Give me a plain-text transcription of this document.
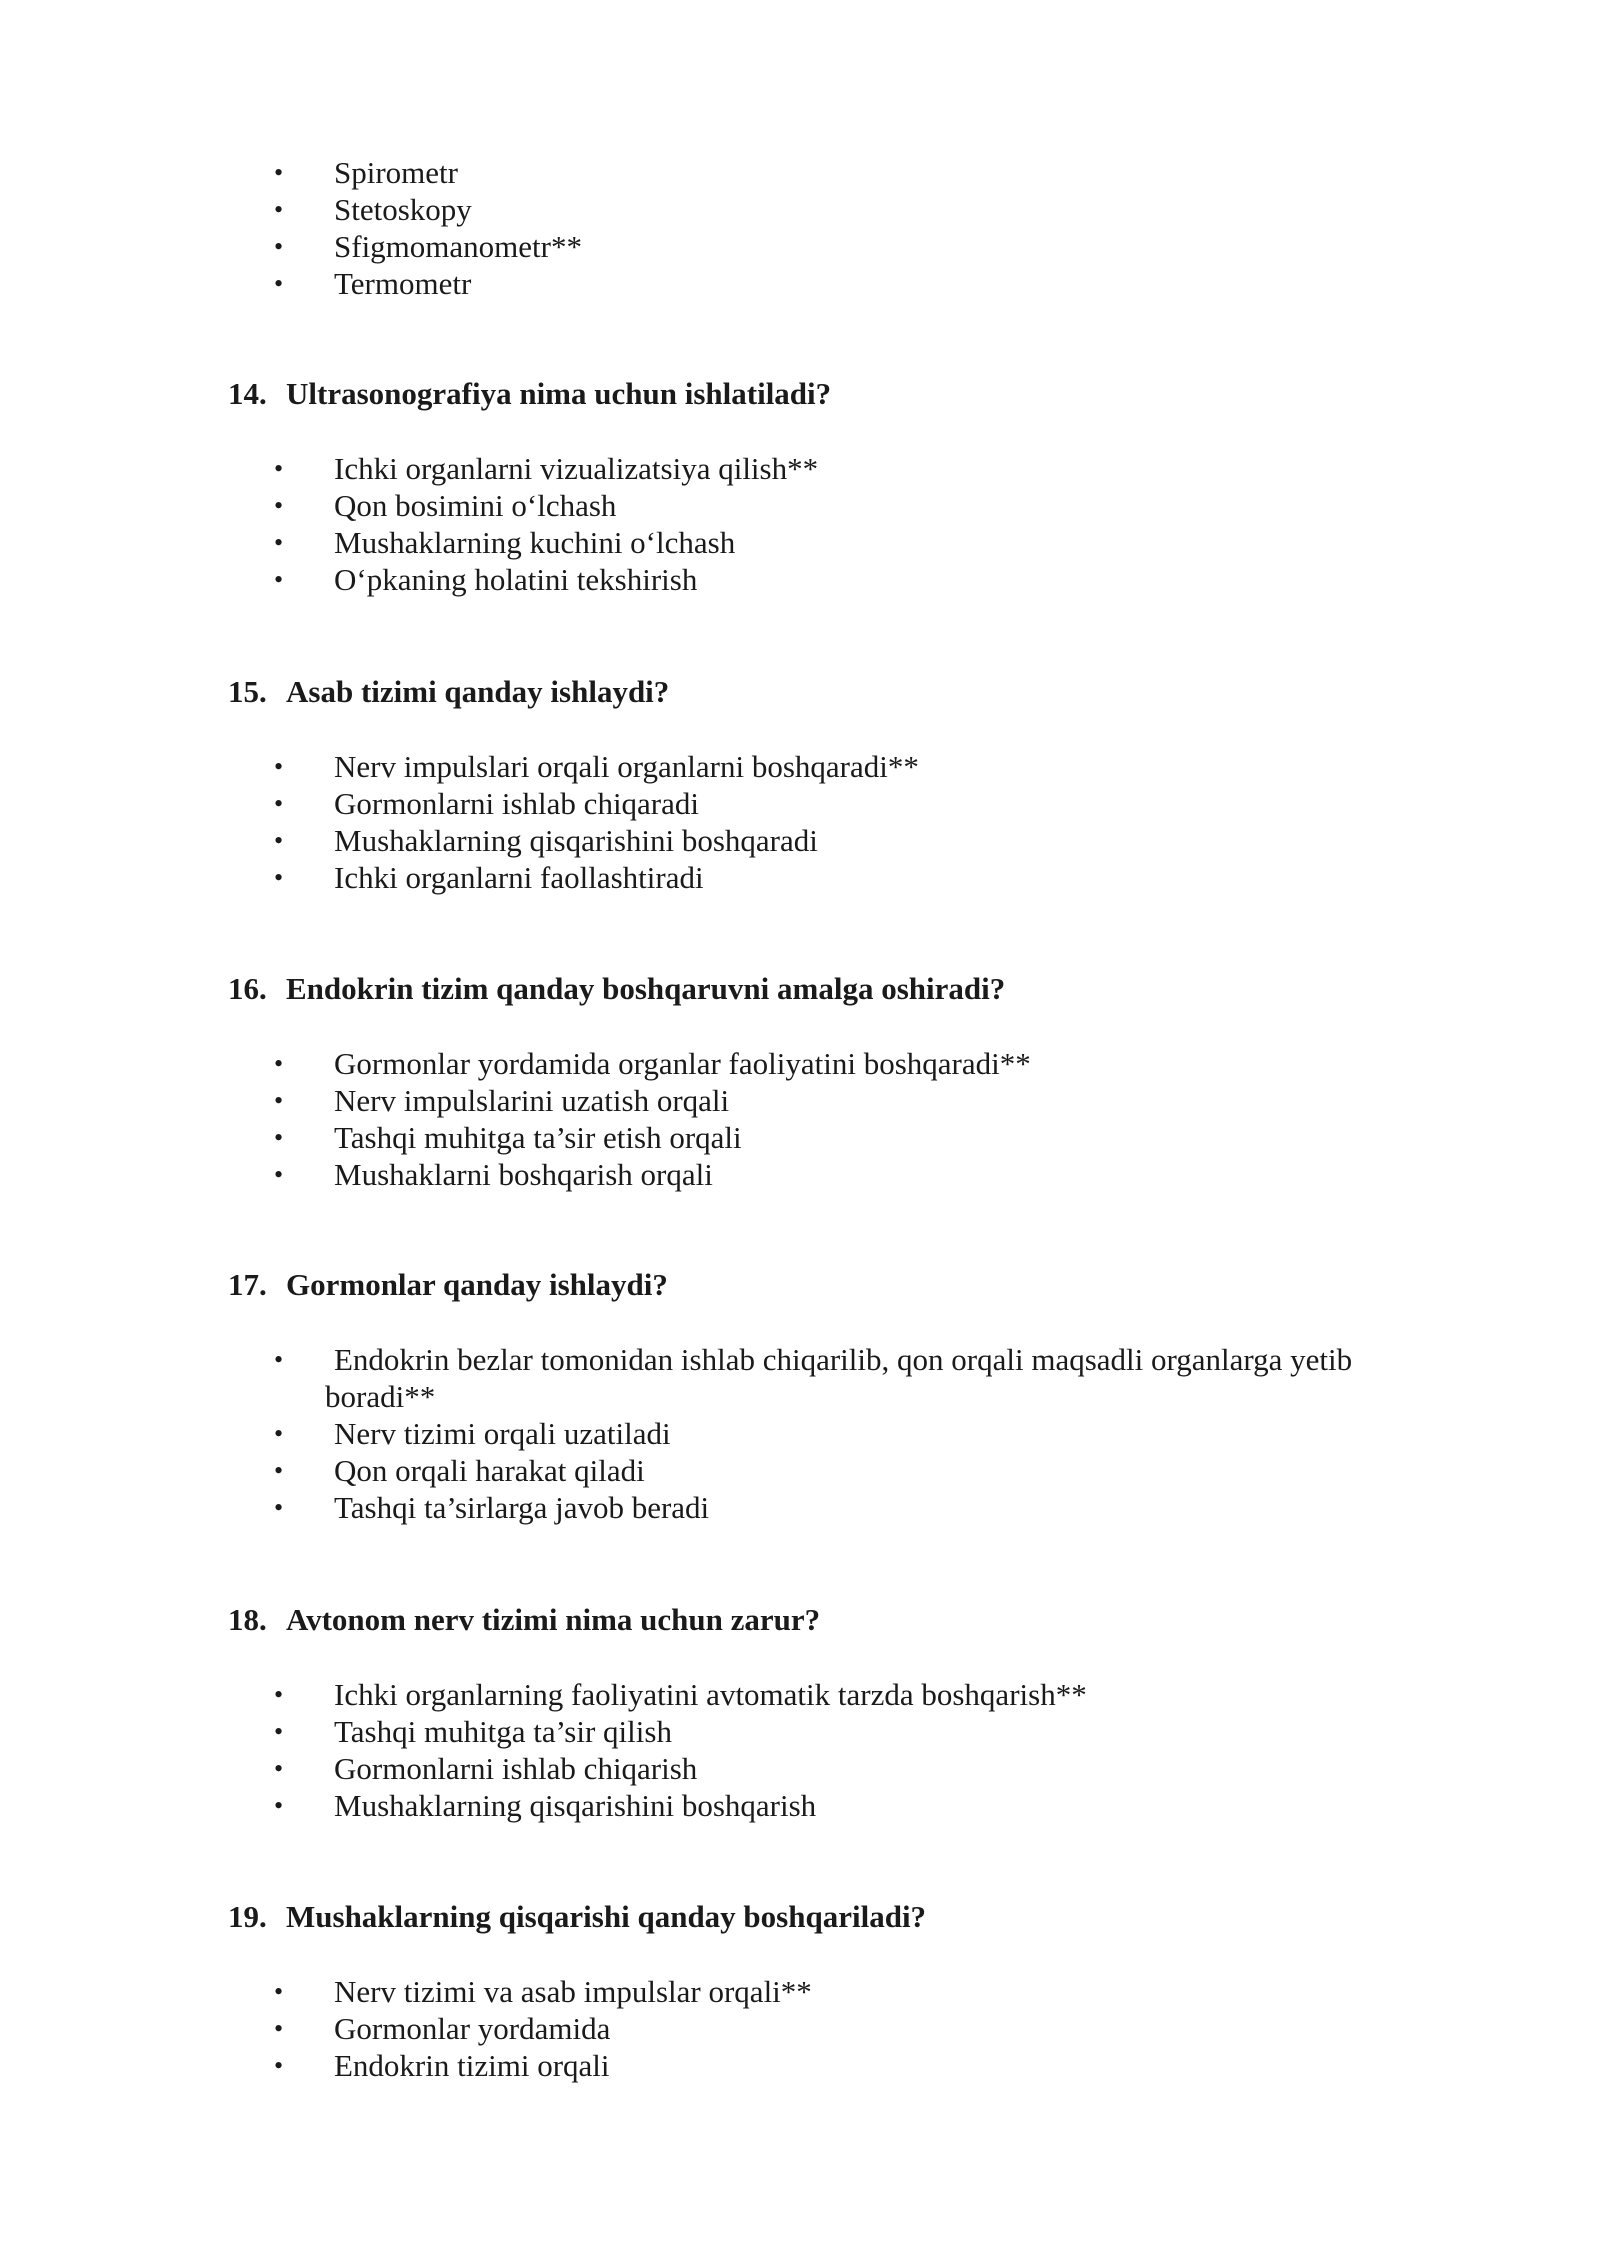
• Spirometr
• Stetoskopy
• Sfigmomanometr**
• Termometr
14. Ultrasonografiya nima uchun ishlatiladi?
• Ichki organlarni vizualizatsiya qilish**
• Qon bosimini o‘lchash
• Mushaklarning kuchini o‘lchash
• O‘pkaning holatini tekshirish
15. Asab tizimi qanday ishlaydi?
• Nerv impulslari orqali organlarni boshqaradi**
• Gormonlarni ishlab chiqaradi
• Mushaklarning qisqarishini boshqaradi
• Ichki organlarni faollashtiradi
16. Endokrin tizim qanday boshqaruvni amalga oshiradi?
• Gormonlar yordamida organlar faoliyatini boshqaradi**
• Nerv impulslarini uzatish orqali
• Tashqi muhitga ta’sir etish orqali
• Mushaklarni boshqarish orqali
17. Gormonlar qanday ishlaydi?
• Endokrin bezlar tomonidan ishlab chiqarilib, qon orqali maqsadli organlarga yetib boradi**
• Nerv tizimi orqali uzatiladi
• Qon orqali harakat qiladi
• Tashqi ta’sirlarga javob beradi
18. Avtonom nerv tizimi nima uchun zarur?
• Ichki organlarning faoliyatini avtomatik tarzda boshqarish**
• Tashqi muhitga ta’sir qilish
• Gormonlarni ishlab chiqarish
• Mushaklarning qisqarishini boshqarish
19. Mushaklarning qisqarishi qanday boshqariladi?
• Nerv tizimi va asab impulslar orqali**
• Gormonlar yordamida
• Endokrin tizimi orqali
